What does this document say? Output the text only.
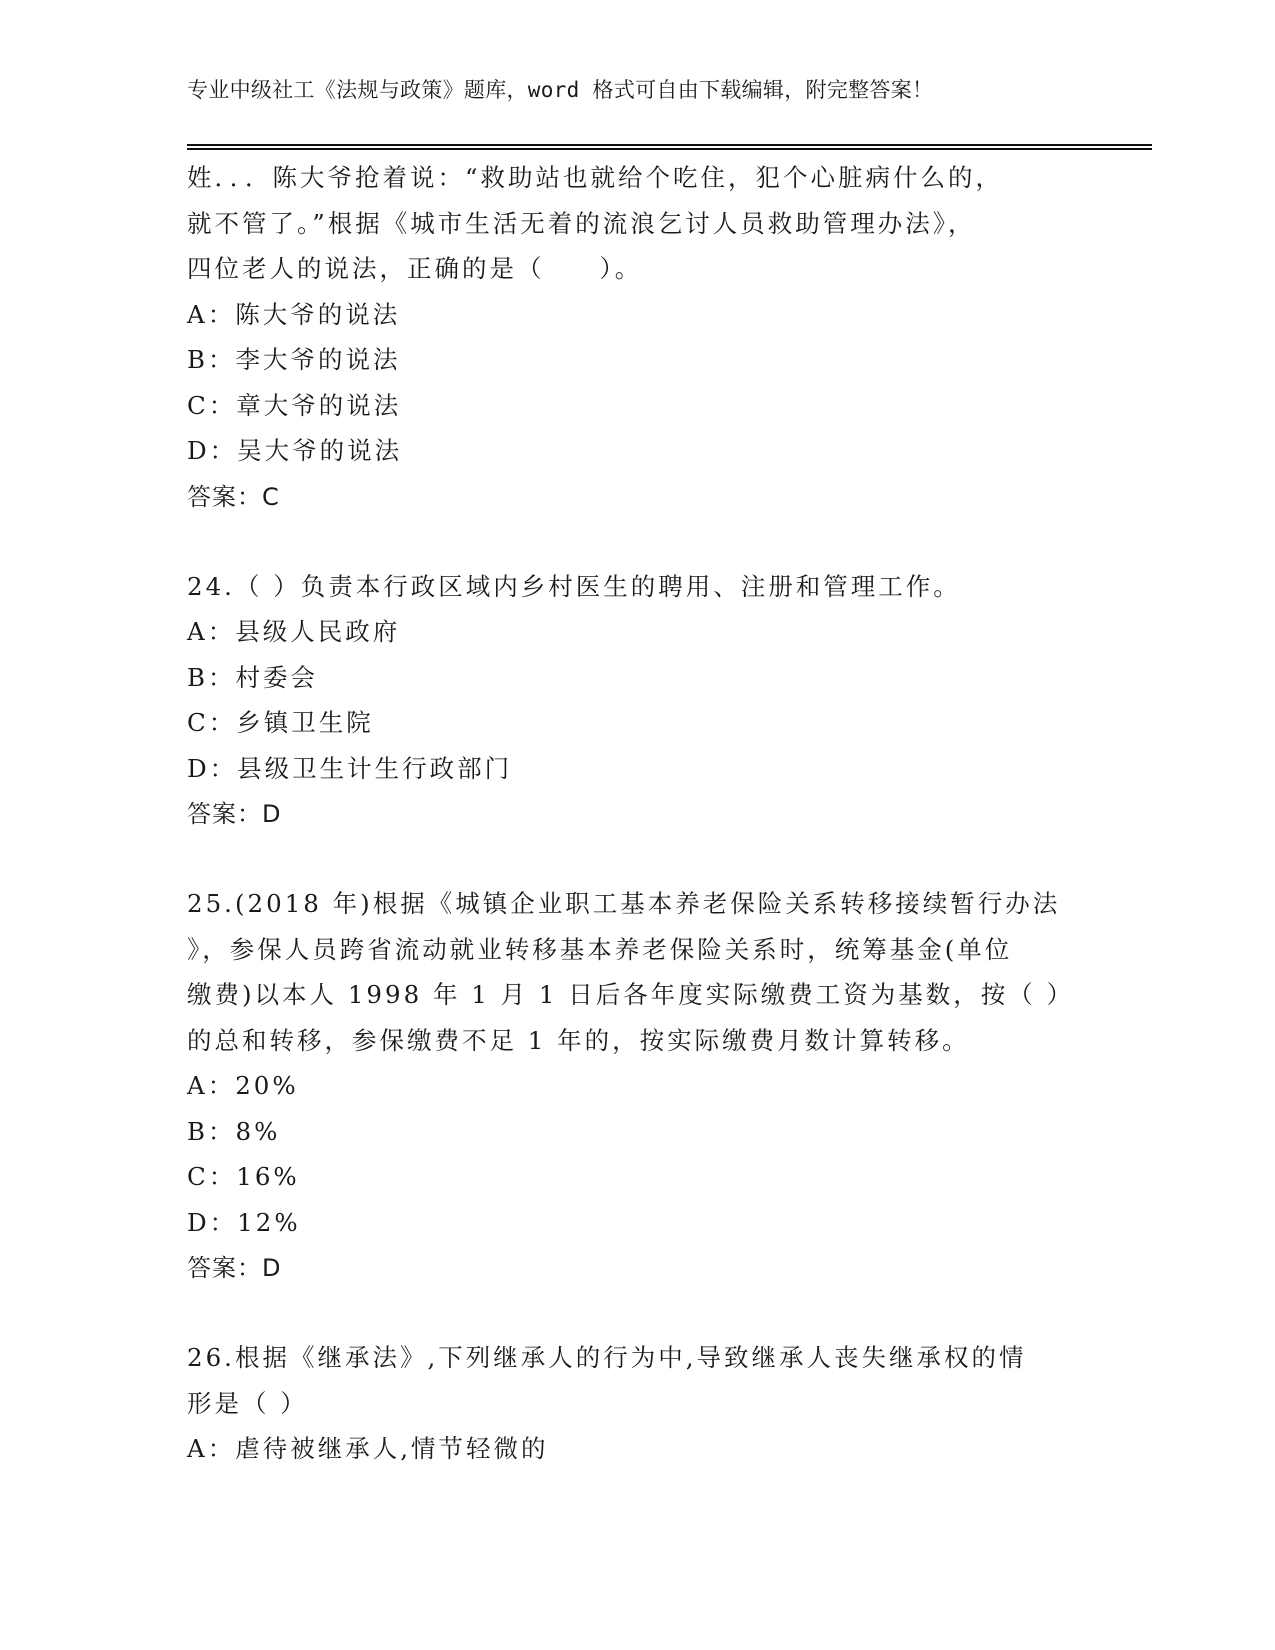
专业中级社工《法规与政策》题库，word 格式可自由下载编辑，附完整答案！
姓．．．陈大爷抢着说：“救助站也就给个吃住，犯个心脏病什么的，
就不管了。”根据《城市生活无着的流浪乞讨人员救助管理办法》，
四位老人的说法，正确的是（　　）。
A：陈大爷的说法
B：李大爷的说法
C：章大爷的说法
D：吴大爷的说法
答案：C
24.（ ）负责本行政区域内乡村医生的聘用、注册和管理工作。
A：县级人民政府
B：村委会
C：乡镇卫生院
D：县级卫生计生行政部门
答案：D
25.(2018 年)根据《城镇企业职工基本养老保险关系转移接续暂行办法
》，参保人员跨省流动就业转移基本养老保险关系时，统筹基金(单位
缴费)以本人 1998 年 1 月 1 日后各年度实际缴费工资为基数，按（ ）
的总和转移，参保缴费不足 1 年的，按实际缴费月数计算转移。
A：20%
B：8%
C：16%
D：12%
答案：D
26.根据《继承法》,下列继承人的行为中,导致继承人丧失继承权的情
形是（ ）
A：虐待被继承人,情节轻微的
